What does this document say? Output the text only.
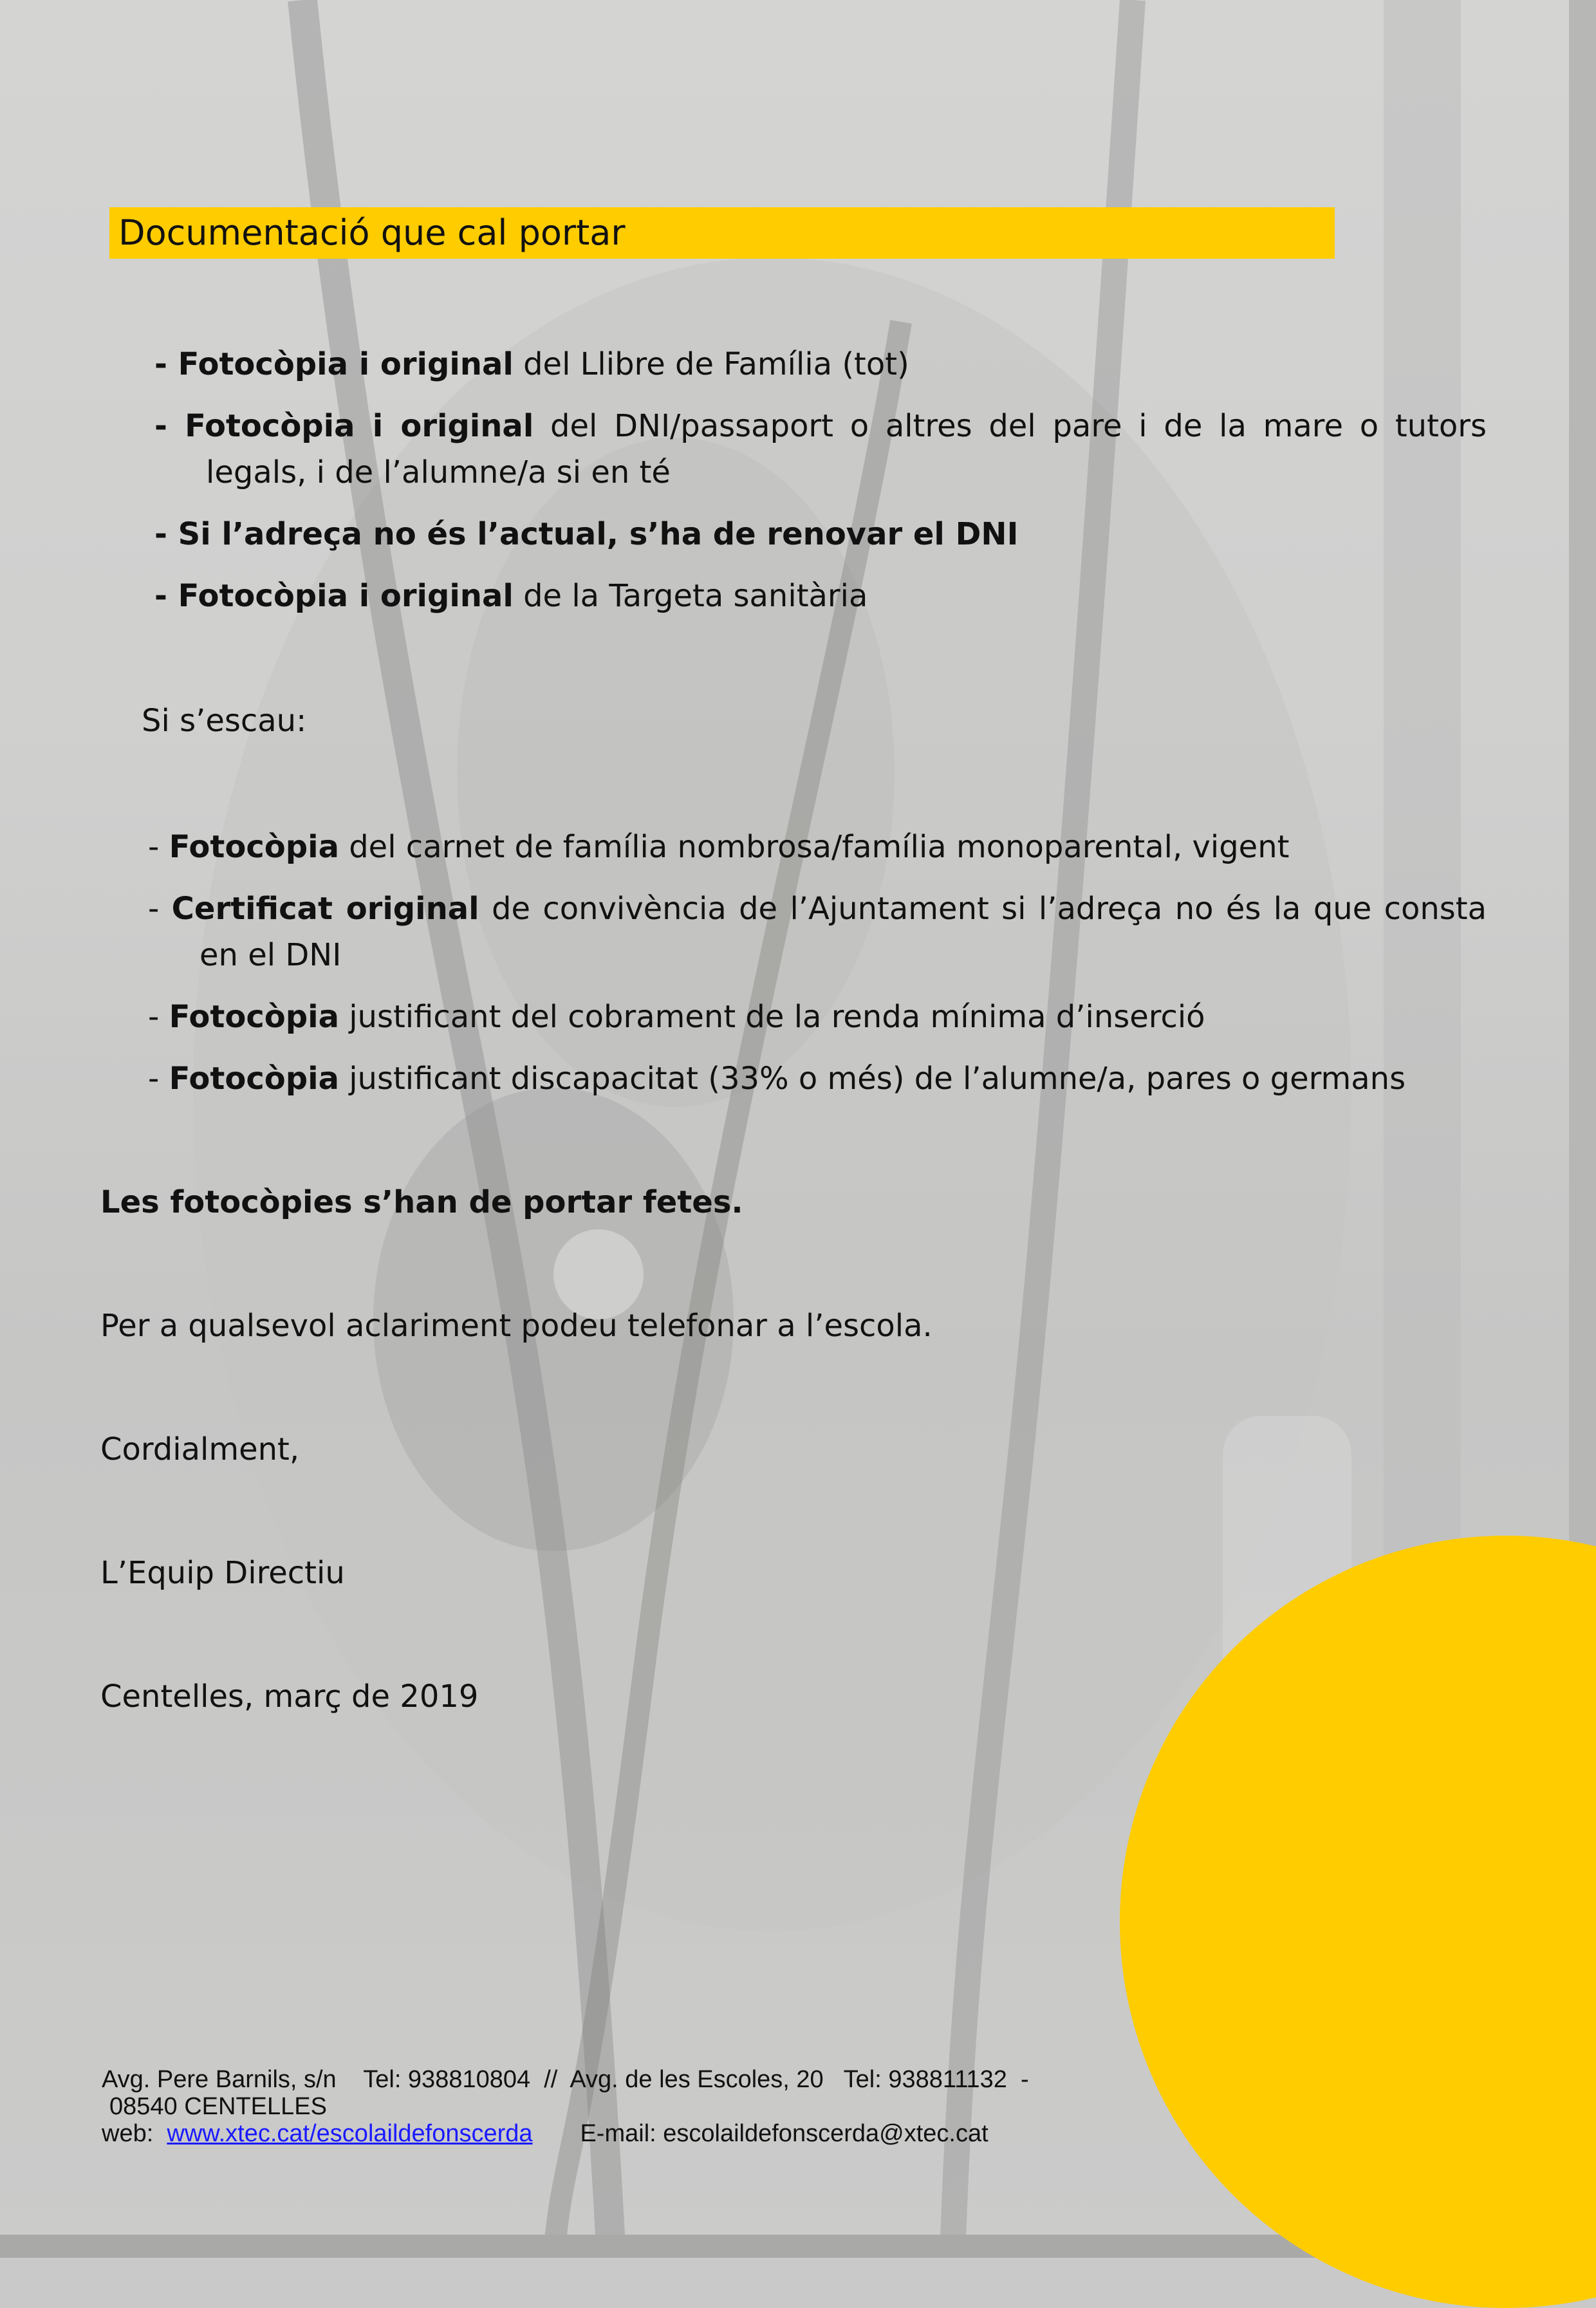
Documentació que cal portar
- Fotocòpia i original del Llibre de Família (tot)
- Fotocòpia i original del DNI/passaport o altres del pare i de la mare o tutors legals, i de l’alumne/a si en té
- Si l’adreça no és l’actual, s’ha de renovar el DNI
- Fotocòpia i original de la Targeta sanitària

Si s’escau:

- Fotocòpia del carnet de família nombrosa/família monoparental, vigent
- Certificat original de convivència de l’Ajuntament si l’adreça no és la que consta en el DNI
- Fotocòpia justificant del cobrament de la renda mínima d’inserció
- Fotocòpia justificant discapacitat (33% o més) de l’alumne/a, pares o germans

Les fotocòpies s’han de portar fetes.

Per a qualsevol aclariment podeu telefonar a l’escola.

Cordialment,

L’Equip Directiu

Centelles, març de 2019

Avg. Pere Barnils, s/n    Tel: 938810804  //  Avg. de les Escoles, 20   Tel: 938811132  -

08540 CENTELLES

web:  www.xtec.cat/escolaildefonscerda       E-mail: escolaildefonscerda@xtec.cat
